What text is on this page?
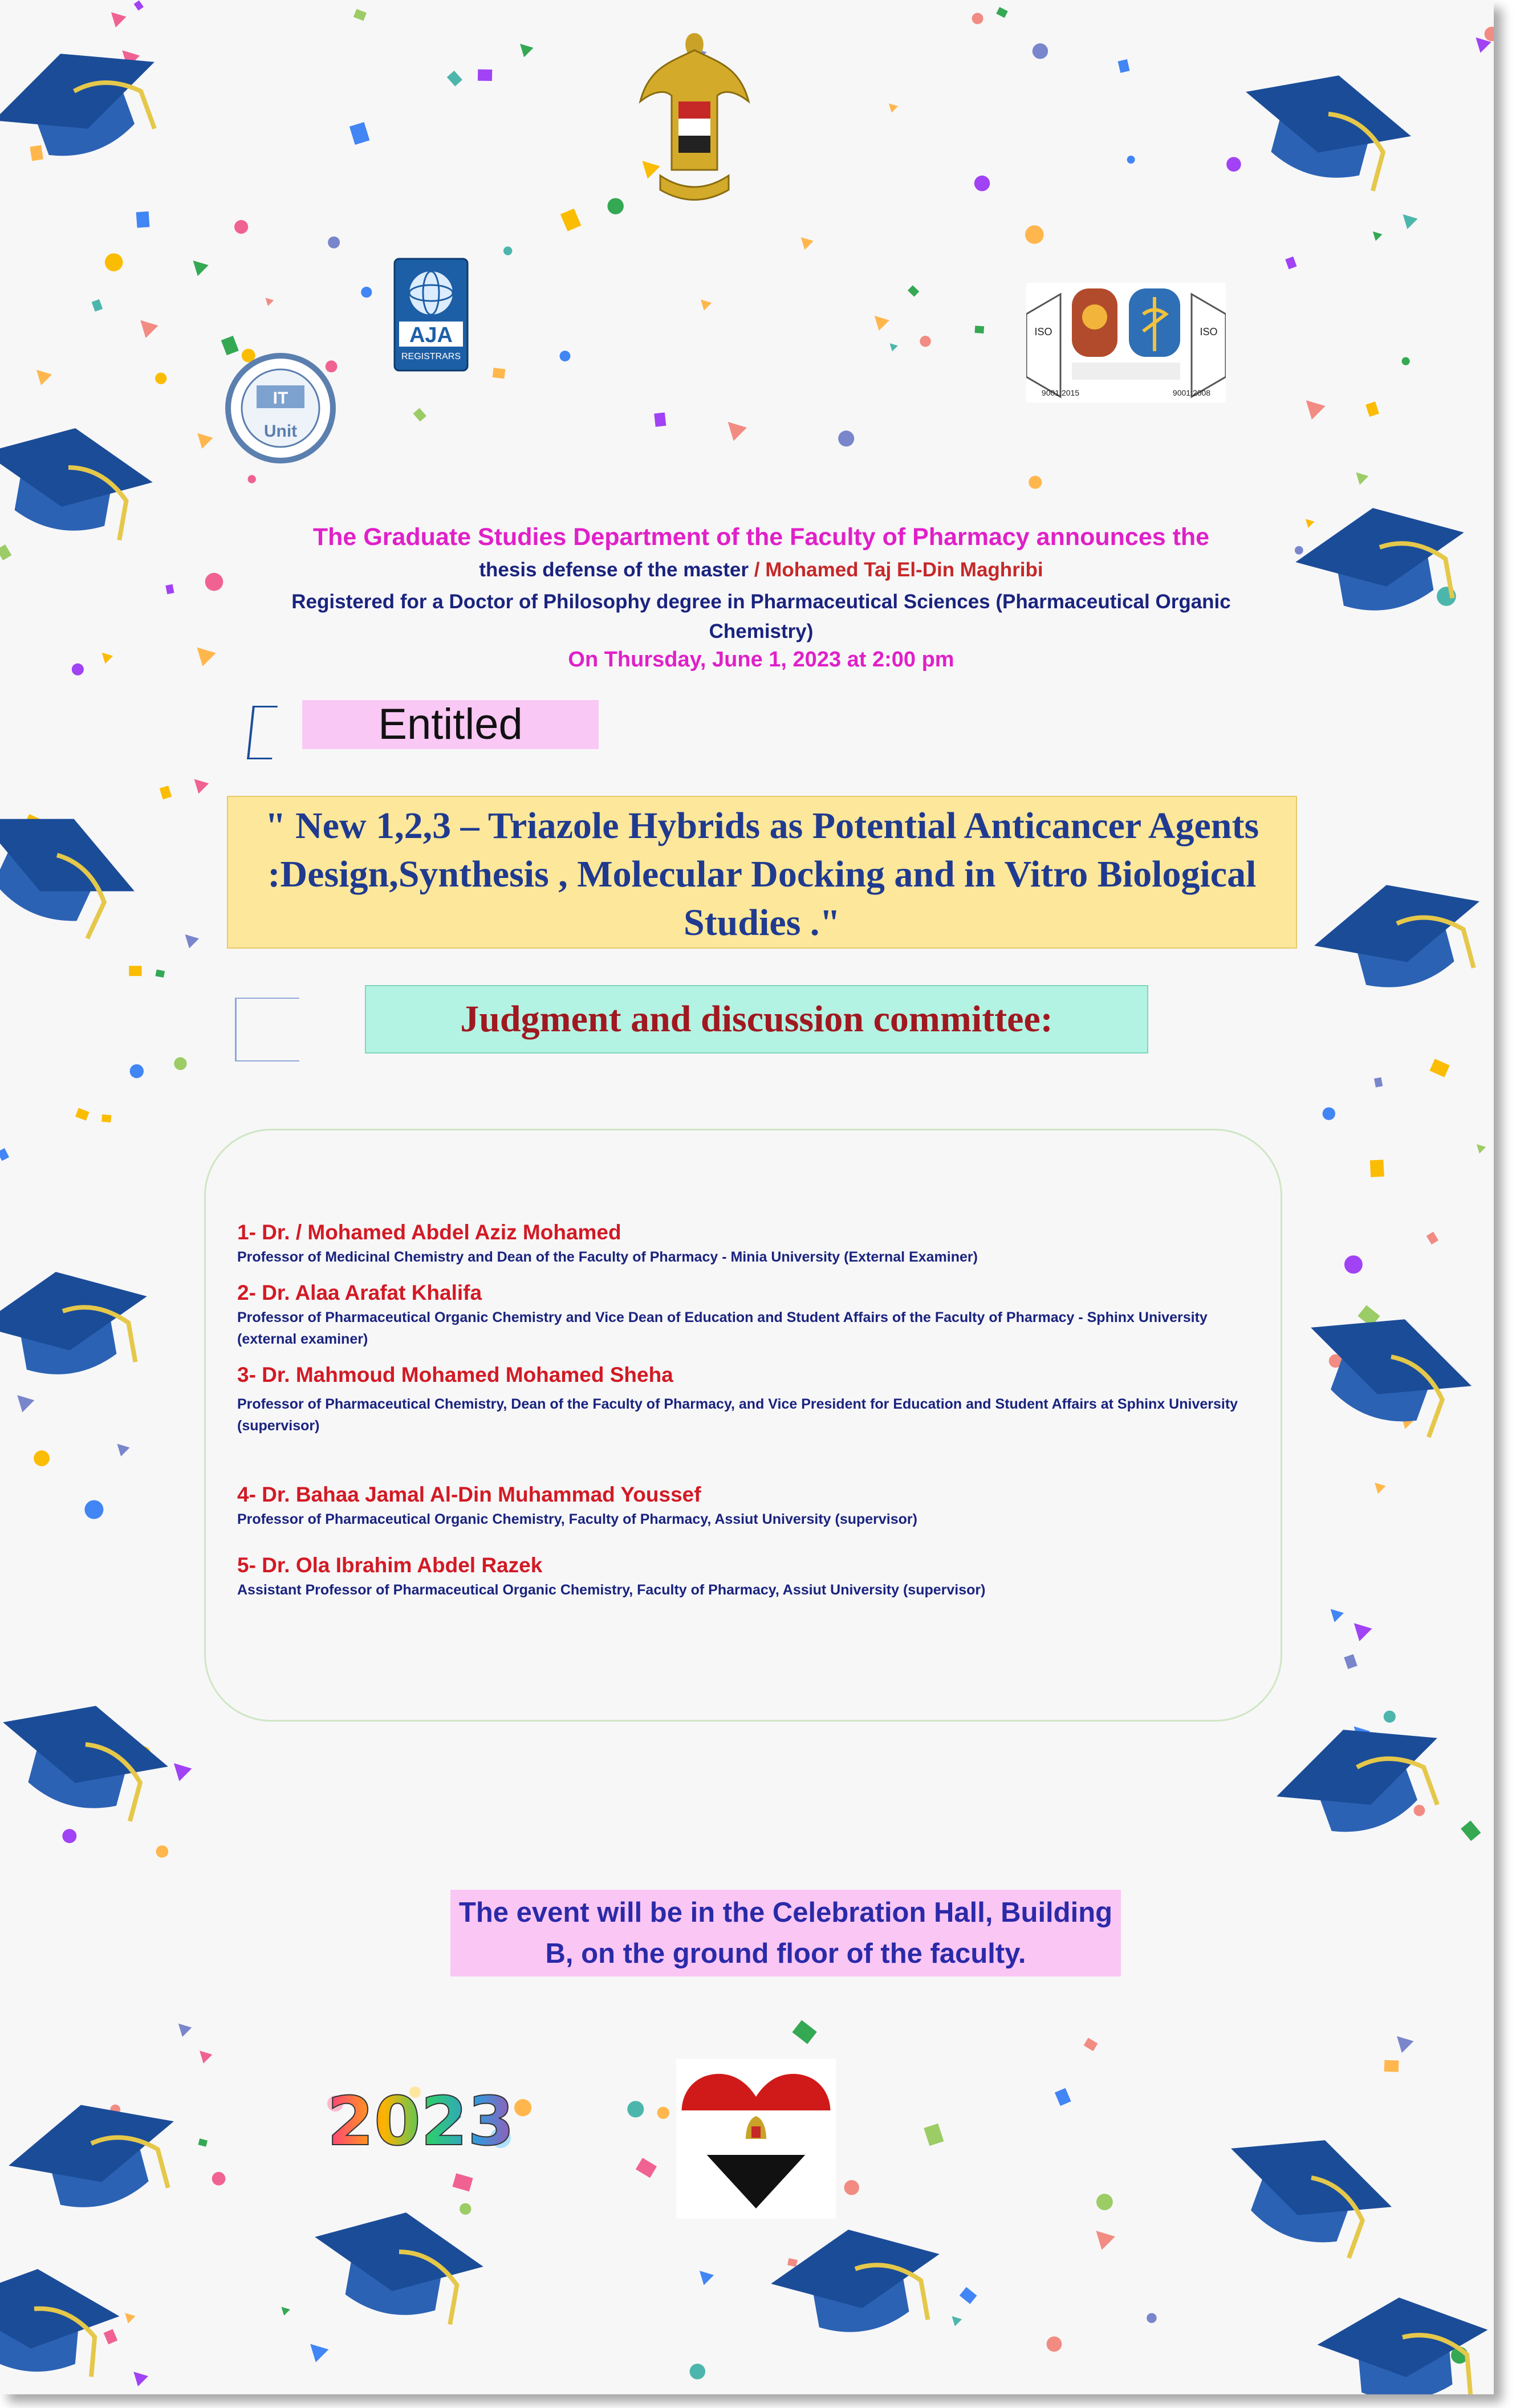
AJA
REGISTRARS
IT
Unit
ISO	ISO
9001:2015	9001:2008
The Graduate Studies Department of the Faculty of Pharmacy announces the
thesis defense of the master / Mohamed Taj El-Din Maghribi
Registered for a Doctor of Philosophy degree in Pharmaceutical Sciences (Pharmaceutical Organic Chemistry)
On Thursday, June 1, 2023 at 2:00 pm
Entitled
" New 1,2,3 – Triazole Hybrids as Potential Anticancer Agents :Design,Synthesis , Molecular Docking and in Vitro Biological Studies ."
Judgment and discussion committee:
1- Dr. / Mohamed Abdel Aziz Mohamed
Professor of Medicinal Chemistry and Dean of the Faculty of Pharmacy - Minia University (External Examiner)
2- Dr. Alaa Arafat Khalifa
Professor of Pharmaceutical Organic Chemistry and Vice Dean of Education and Student Affairs of the Faculty of Pharmacy - Sphinx University (external examiner)
3- Dr. Mahmoud Mohamed Mohamed Sheha
Professor of Pharmaceutical Chemistry, Dean of the Faculty of Pharmacy, and Vice President for Education and Student Affairs at Sphinx University (supervisor)
4- Dr. Bahaa Jamal Al-Din Muhammad Youssef
Professor of Pharmaceutical Organic Chemistry, Faculty of Pharmacy, Assiut University (supervisor)
5- Dr. Ola Ibrahim Abdel Razek
Assistant Professor of Pharmaceutical Organic Chemistry, Faculty of Pharmacy, Assiut University (supervisor)
The event will be in the Celebration Hall, Building B, on the ground floor of the faculty.
2023
